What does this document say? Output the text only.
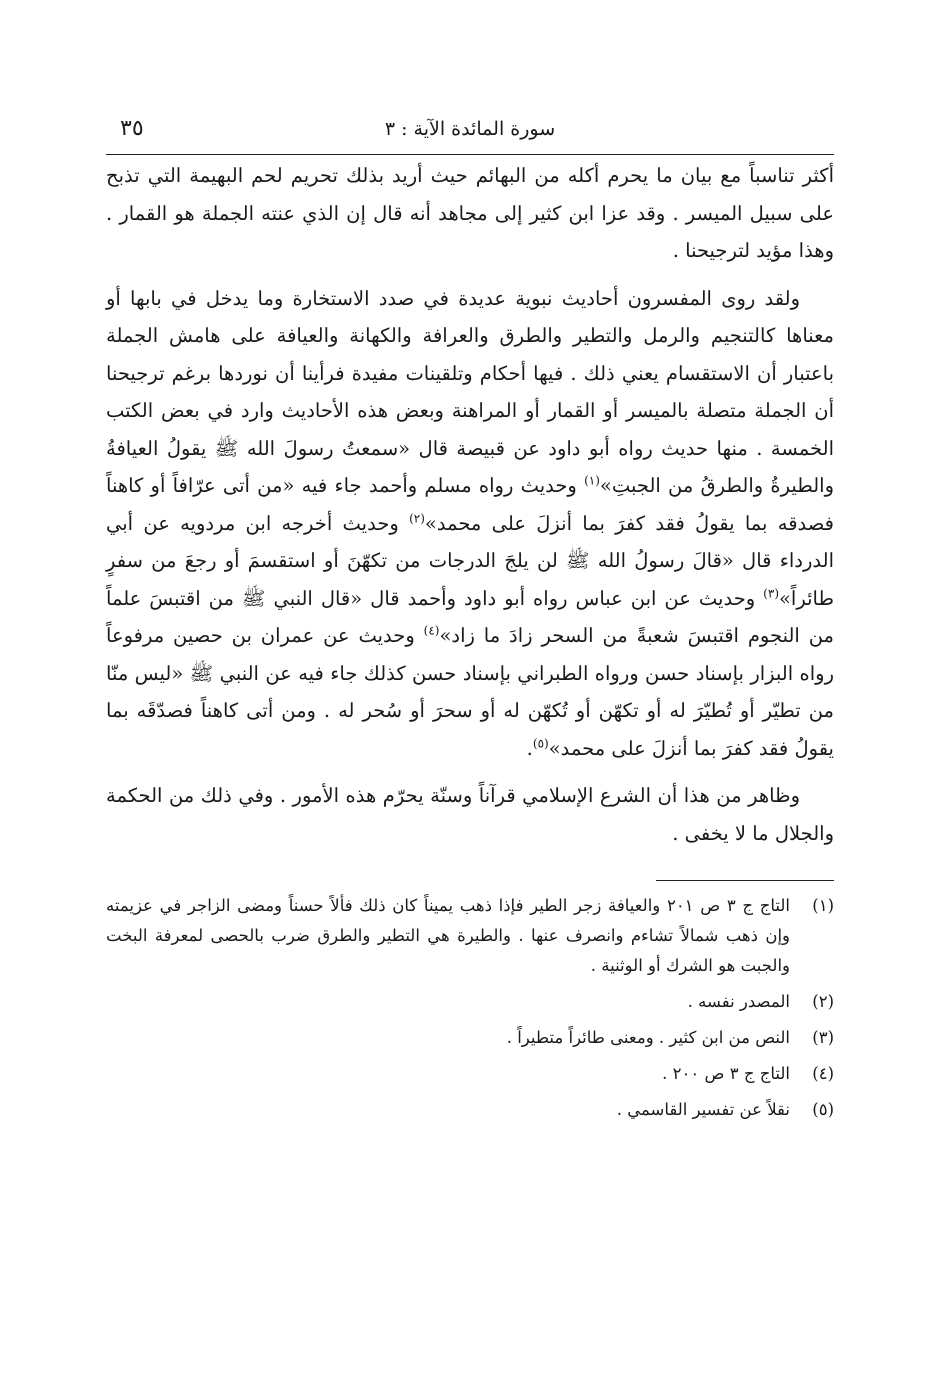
سورة المائدة الآية : ٣
٣٥

أكثر تناسباً مع بيان ما يحرم أكله من البهائم حيث أريد بذلك تحريم لحم البهيمة التي تذبح على سبيل الميسر . وقد عزا ابن كثير إلى مجاهد أنه قال إن الذي عنته الجملة هو القمار . وهذا مؤيد لترجيحنا .

ولقد روى المفسرون أحاديث نبوية عديدة في صدد الاستخارة وما يدخل في بابها أو معناها كالتنجيم والرمل والتطير والطرق والعرافة والكهانة والعيافة على هامش الجملة باعتبار أن الاستقسام يعني ذلك . فيها أحكام وتلقينات مفيدة فرأينا أن نوردها برغم ترجيحنا أن الجملة متصلة بالميسر أو القمار أو المراهنة وبعض هذه الأحاديث وارد في بعض الكتب الخمسة . منها حديث رواه أبو داود عن قبيصة قال «سمعتُ رسولَ الله ﷺ يقولُ العيافةُ والطيرةُ والطرقُ من الجبتِ»$^{(١)}$ وحديث رواه مسلم وأحمد جاء فيه «من أتى عرّافاً أو كاهناً فصدقه بما يقولُ فقد كفرَ بما أنزلَ على محمد»$^{(٢)}$ وحديث أخرجه ابن مردويه عن أبي الدرداء قال «قالَ رسولُ الله ﷺ لن يلجَ الدرجات من تكهّنَ أو استقسمَ أو رجعَ من سفرٍ طائراً»$^{(٣)}$ وحديث عن ابن عباس رواه أبو داود وأحمد قال «قال النبي ﷺ من اقتبسَ علماً من النجوم اقتبسَ شعبةً من السحر زادَ ما زاد»$^{(٤)}$ وحديث عن عمران بن حصين مرفوعاً رواه البزار بإسناد حسن ورواه الطبراني بإسناد حسن كذلك جاء فيه عن النبي ﷺ «ليس منّا من تطيّر أو تُطيّرَ له أو تكهّن أو تُكهّن له أو سحرَ أو سُحر له . ومن أتى كاهناً فصدّقَه بما يقولُ فقد كفرَ بما أنزلَ على محمد»$^{(٥)}$.

وظاهر من هذا أن الشرع الإسلامي قرآناً وسنّة يحرّم هذه الأمور . وفي ذلك من الحكمة والجلال ما لا يخفى .

(١)
التاج ج ٣ ص ٢٠١ والعيافة زجر الطير فإذا ذهب يميناً كان ذلك فألاً حسناً ومضى الزاجر في عزيمته وإن ذهب شمالاً تشاءم وانصرف عنها . والطيرة هي التطير والطرق ضرب بالحصى لمعرفة البخت والجبت هو الشرك أو الوثنية .
(٢)
المصدر نفسه .
(٣)
النص من ابن كثير . ومعنى طائراً متطيراً .
(٤)
التاج ج ٣ ص ٢٠٠ .
(٥)
نقلاً عن تفسير القاسمي .
